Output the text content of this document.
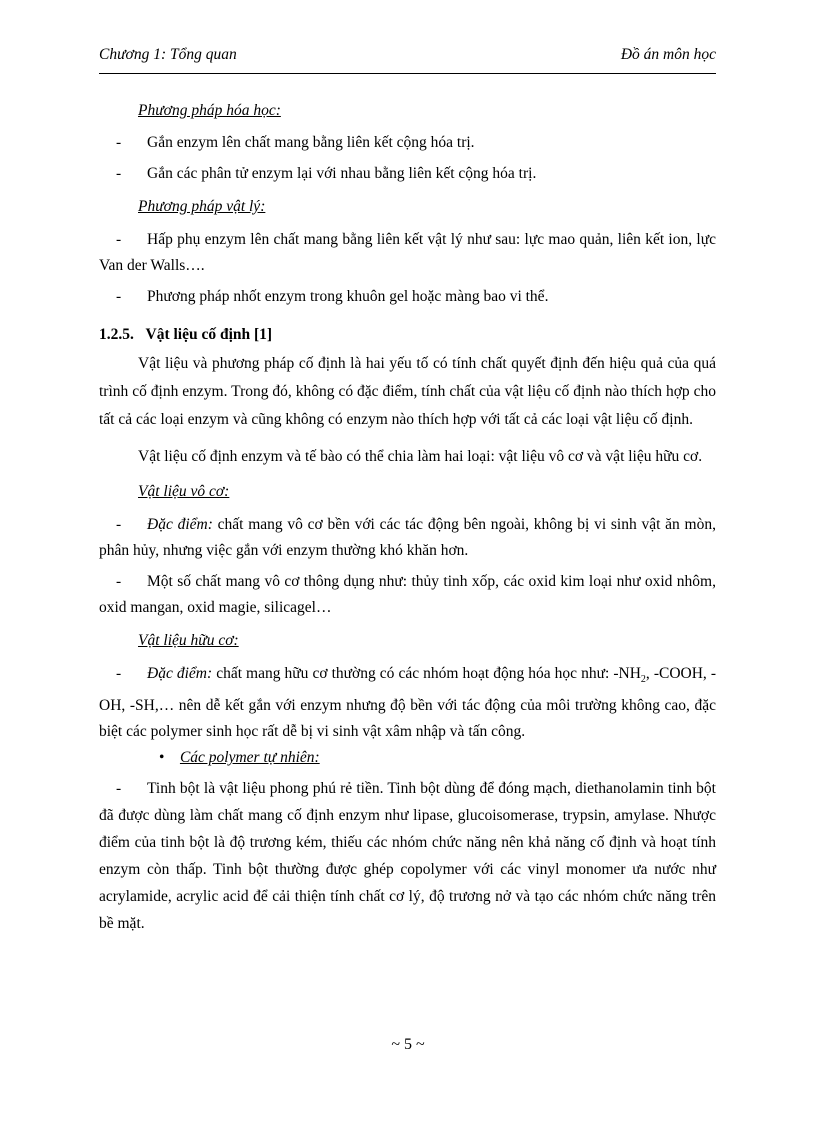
Chương 1: Tổng quan	Đồ án môn học

Phương pháp hóa học:

-	Gắn enzym lên chất mang bằng liên kết cộng hóa trị.

-	Gắn các phân tử enzym lại với nhau bằng liên kết cộng hóa trị.

Phương pháp vật lý:

- Hấp phụ enzym lên chất mang bằng liên kết vật lý như sau: lực mao quản, liên kết ion, lực Van der Walls….

-	Phương pháp nhốt enzym trong khuôn gel hoặc màng bao vi thể.

1.2.5. Vật liệu cố định [1]

Vật liệu và phương pháp cố định là hai yếu tố có tính chất quyết định đến hiệu quả của quá trình cố định enzym. Trong đó, không có đặc điểm, tính chất của vật liệu cố định nào thích hợp cho tất cả các loại enzym và cũng không có enzym nào thích hợp với tất cả các loại vật liệu cố định.

Vật liệu cố định enzym và tế bào có thể chia làm hai loại: vật liệu vô cơ và vật liệu hữu cơ.

Vật liệu vô cơ:

- Đặc điểm: chất mang vô cơ bền với các tác động bên ngoài, không bị vi sinh vật ăn mòn, phân hủy, nhưng việc gắn với enzym thường khó khăn hơn.

- Một số chất mang vô cơ thông dụng như: thủy tinh xốp, các oxid kim loại như oxid nhôm, oxid mangan, oxid magie, silicagel…

Vật liệu hữu cơ:

- Đặc điểm: chất mang hữu cơ thường có các nhóm hoạt động hóa học như: $-NH_2$, -COOH, -OH, -SH,… nên dễ kết gắn với enzym nhưng độ bền với tác động của môi trường không cao, đặc biệt các polymer sinh học rất dễ bị vi sinh vật xâm nhập và tấn công.

• Các polymer tự nhiên:

- Tinh bột là vật liệu phong phú rẻ tiền. Tinh bột dùng để đóng mạch, diethanolamin tinh bột đã được dùng làm chất mang cố định enzym như lipase, glucoisomerase, trypsin, amylase. Nhược điểm của tinh bột là độ trương kém, thiếu các nhóm chức năng nên khả năng cố định và hoạt tính enzym còn thấp. Tinh bột thường được ghép copolymer với các vinyl monomer ưa nước như acrylamide, acrylic acid để cải thiện tính chất cơ lý, độ trương nở và tạo các nhóm chức năng trên bề mặt.

~ 5 ~
